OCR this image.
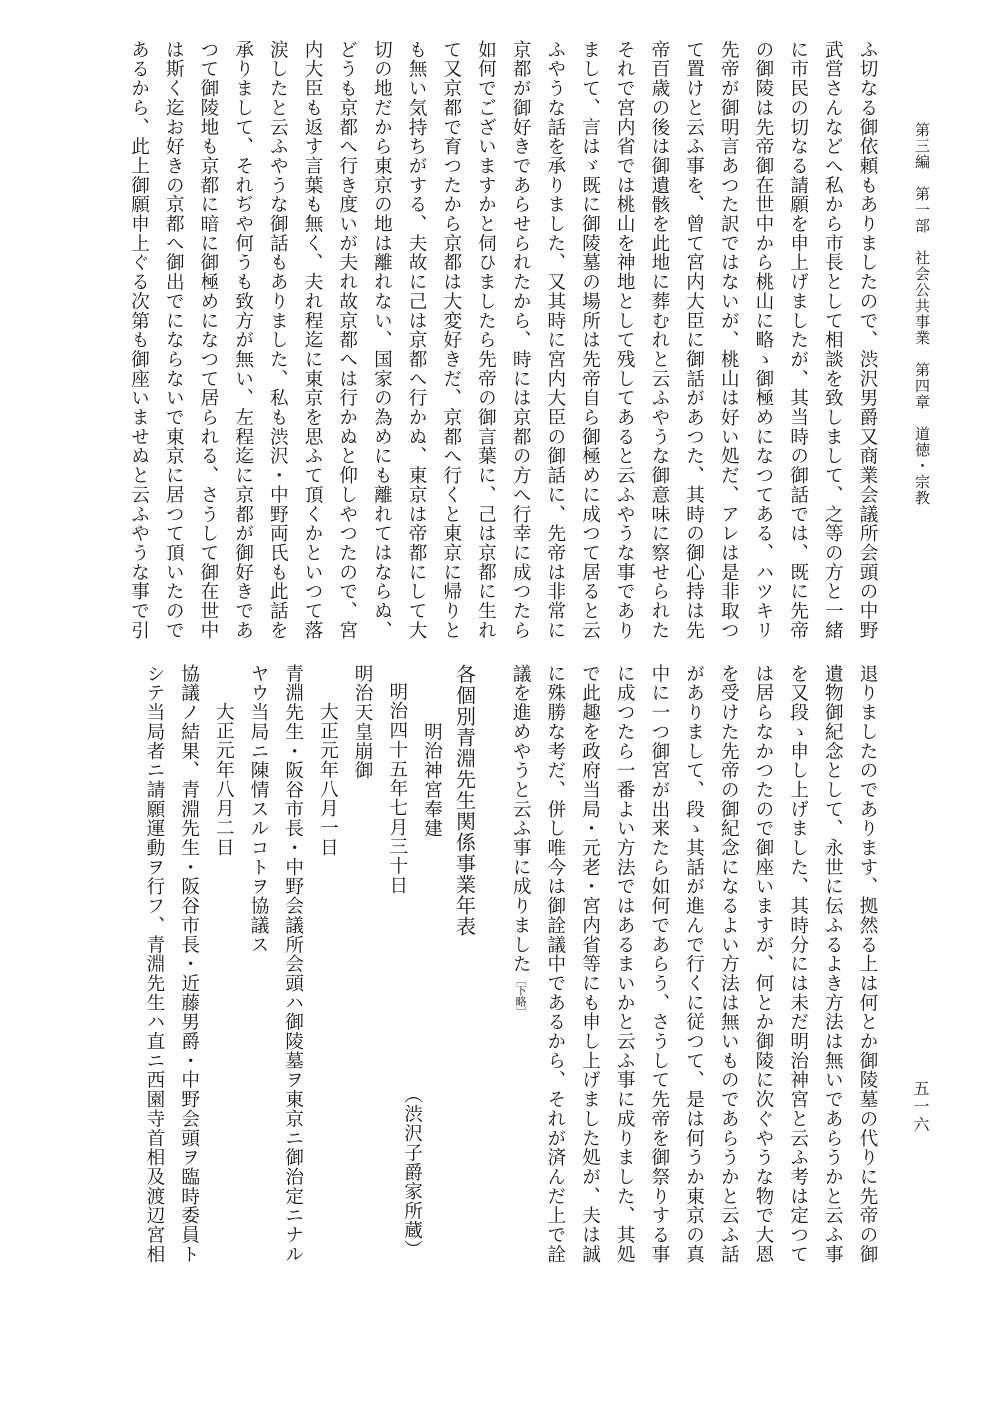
第三編　第一部　社会公共事業　第四章　道徳・宗教
五一六
ふ切なる御依頼もありましたので、渋沢男爵又商業会議所会頭の中野
武営さんなどへ私から市長として相談を致しまして、之等の方と一緒
に市民の切なる請願を申上げましたが、其当時の御話では、既に先帝
の御陵は先帝御在世中から桃山に略ゝ御極めになつてある、ハツキリ
先帝が御明言あつた訳ではないが、桃山は好い処だ、アレは是非取つ
て置けと云ふ事を、曾て宮内大臣に御話があつた、其時の御心持は先
帝百歳の後は御遺骸を此地に葬むれと云ふやうな御意味に察せられた
それで宮内省では桃山を神地として残してあると云ふやうな事であり
まして、言はゞ既に御陵墓の場所は先帝自ら御極めに成つて居ると云
ふやうな話を承りました、又其時に宮内大臣の御話に、先帝は非常に
京都が御好きであらせられたから、時には京都の方へ行幸に成つたら
如何でございますかと伺ひましたら先帝の御言葉に、己は京都に生れ
て又京都で育つたから京都は大変好きだ、京都へ行くと東京に帰りと
も無い気持ちがする、夫故に己は京都へ行かぬ、東京は帝都にして大
切の地だから東京の地は離れない、国家の為めにも離れてはならぬ、
どうも京都へ行き度いが夫れ故京都へは行かぬと仰しやつたので、宮
内大臣も返す言葉も無く、夫れ程迄に東京を思ふて頂くかといつて落
涙したと云ふやうな御話もありました、私も渋沢・中野両氏も此話を
承りまして、それぢや何うも致方が無い、左程迄に京都が御好きであ
つて御陵地も京都に暗に御極めになつて居られる、さうして御在世中
は斯く迄お好きの京都へ御出でにならないで東京に居つて頂いたので
あるから、此上御願申上ぐる次第も御座いませぬと云ふやうな事で引
退りましたのであります、拠然る上は何とか御陵墓の代りに先帝の御
遺物御紀念として、永世に伝ふるよき方法は無いであらうかと云ふ事
を又段ゝ申し上げました、其時分には未だ明治神宮と云ふ考は定つて
は居らなかつたので御座いますが、何とか御陵に次ぐやうな物で大恩
を受けた先帝の御紀念になるよい方法は無いものであらうかと云ふ話
がありまして、段ゝ其話が進んで行くに従つて、是は何うか東京の真
中に一つ御宮が出来たら如何であらう、さうして先帝を御祭りする事
に成つたら一番よい方法ではあるまいかと云ふ事に成りました、其処
で此趣を政府当局・元老・宮内省等にも申し上げました処が、夫は誠
に殊勝な考だ、併し唯今は御詮議中であるから、それが済んだ上で詮
議を進めやうと云ふ事に成りました〔下略〕
各個別青淵先生関係事業年表
明治神宮奉建
明治四十五年七月三十日
明治天皇崩御
大正元年八月一日
青淵先生・阪谷市長・中野会議所会頭ハ御陵墓ヲ東京ニ御治定ニナル
ヤウ当局ニ陳情スルコトヲ協議ス
大正元年八月二日
協議ノ結果、青淵先生・阪谷市長・近藤男爵・中野会頭ヲ臨時委員ト
シテ当局者ニ請願運動ヲ行フ、青淵先生ハ直ニ西園寺首相及渡辺宮相	（渋沢子爵家所蔵）
